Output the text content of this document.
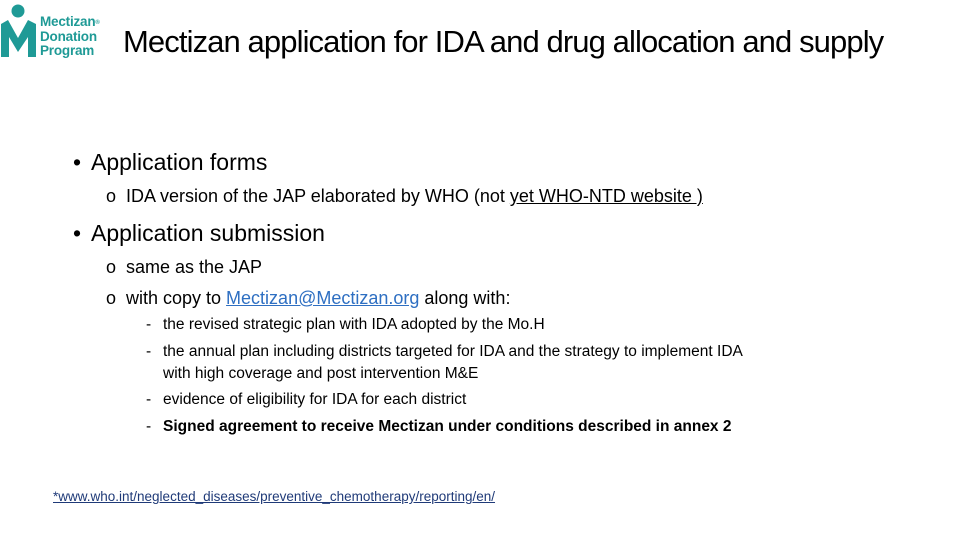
Mectizan®
Donation
Program Mectizan application for IDA and drug allocation and supply
• Application forms
o IDA version of the JAP elaborated by WHO (not yet WHO-NTD website )
• Application submission
o same as the JAP
o with copy to Mectizan@Mectizan.org along with:
- the revised strategic plan with IDA adopted by the Mo.H
- the annual plan including districts targeted for IDA and the strategy to implement IDA
with high coverage and post intervention M&E
- evidence of eligibility for IDA for each district
- Signed agreement to receive Mectizan under conditions described in annex 2
*www.who.int/neglected_diseases/preventive_chemotherapy/reporting/en/
